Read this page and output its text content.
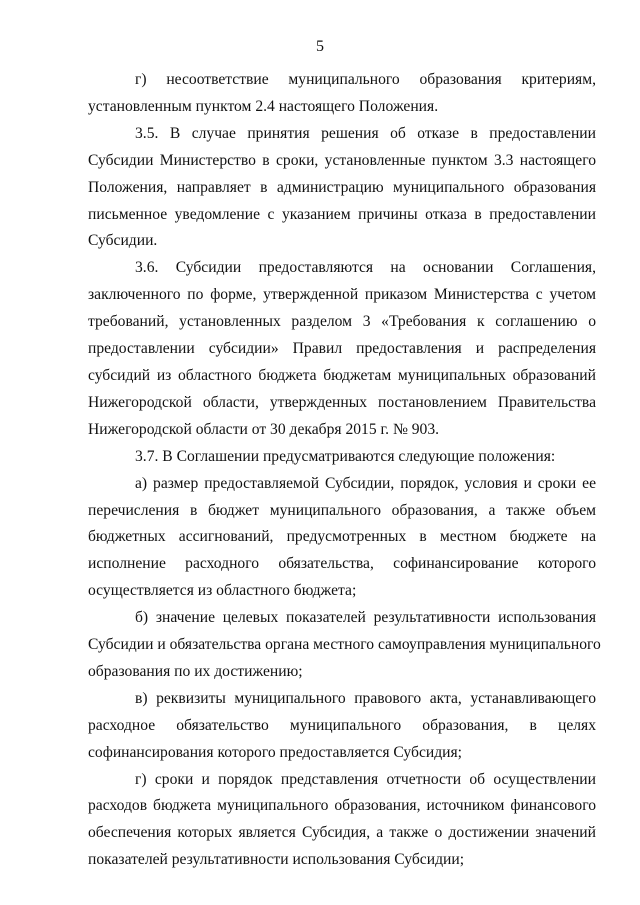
5

г) несоответствие муниципального образования критериям,
установленным пунктом 2.4 настоящего Положения.

3.5. В случае принятия решения об отказе в предоставлении
Субсидии Министерство в сроки, установленные пунктом 3.3 настоящего
Положения, направляет в администрацию муниципального образования
письменное уведомление с указанием причины отказа в предоставлении
Субсидии.

3.6. Субсидии предоставляются на основании Соглашения,
заключенного по форме, утвержденной приказом Министерства с учетом
требований, установленных разделом 3 «Требования к соглашению о
предоставлении субсидии» Правил предоставления и распределения
субсидий из областного бюджета бюджетам муниципальных образований
Нижегородской области, утвержденных постановлением Правительства
Нижегородской области от 30 декабря 2015 г. № 903.

3.7. В Соглашении предусматриваются следующие положения:

а) размер предоставляемой Субсидии, порядок, условия и сроки ее
перечисления в бюджет муниципального образования, а также объем
бюджетных ассигнований, предусмотренных в местном бюджете на
исполнение расходного обязательства, софинансирование которого
осуществляется из областного бюджета;

б) значение целевых показателей результативности использования
Субсидии и обязательства органа местного самоуправления муниципального
образования по их достижению;

в) реквизиты муниципального правового акта, устанавливающего
расходное обязательство муниципального образования, в целях
софинансирования которого предоставляется Субсидия;

г) сроки и порядок представления отчетности об осуществлении
расходов бюджета муниципального образования, источником финансового
обеспечения которых является Субсидия, а также о достижении значений
показателей результативности использования Субсидии;
